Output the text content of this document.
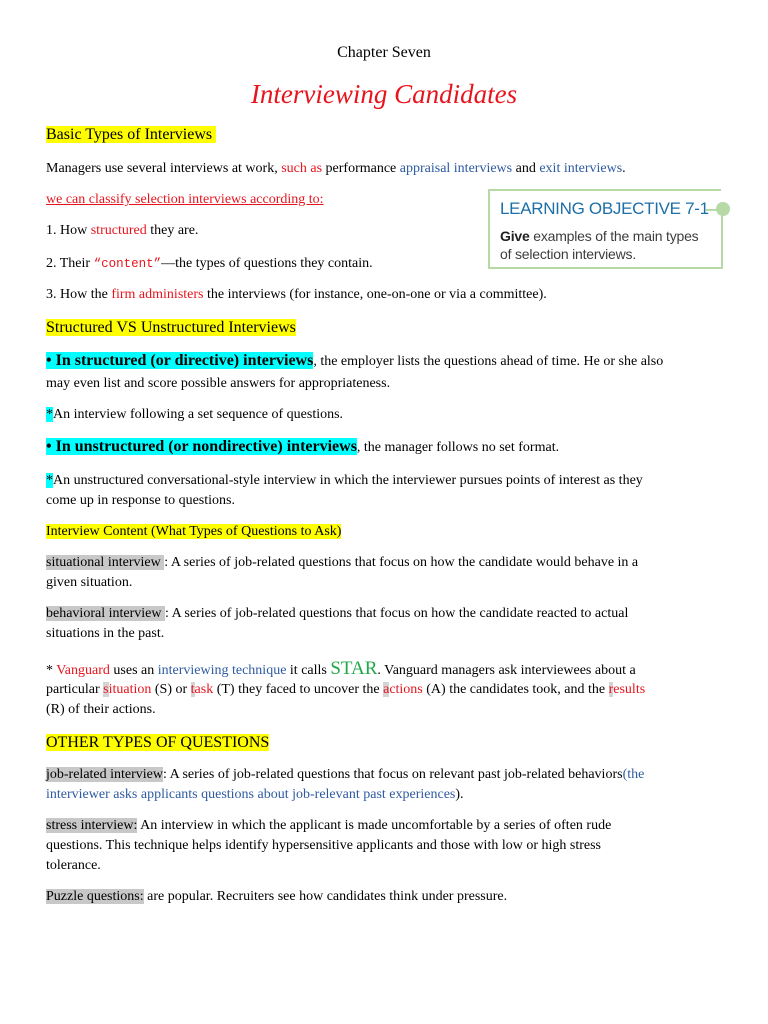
Chapter Seven
Interviewing Candidates
Basic Types of Interviews
Managers use several interviews at work, such as performance appraisal interviews and exit interviews.
we can classify selection interviews according to:
1. How structured they are.
2. Their “content”—the types of questions they contain.
3. How the firm administers the interviews (for instance, one-on-one or via a committee).
LEARNING OBJECTIVE 7-1
Give examples of the main types of selection interviews.
Structured VS Unstructured Interviews
• In structured (or directive) interviews, the employer lists the questions ahead of time. He or she also
may even list and score possible answers for appropriateness.
*An interview following a set sequence of questions.
• In unstructured (or nondirective) interviews, the manager follows no set format.
*An unstructured conversational-style interview in which the interviewer pursues points of interest as they
come up in response to questions.
Interview Content (What Types of Questions to Ask)
situational interview : A series of job-related questions that focus on how the candidate would behave in a
given situation.
behavioral interview : A series of job-related questions that focus on how the candidate reacted to actual
situations in the past.
* Vanguard uses an interviewing technique it calls STAR. Vanguard managers ask interviewees about a
particular situation (S) or task (T) they faced to uncover the actions (A) the candidates took, and the results
(R) of their actions.
OTHER TYPES OF QUESTIONS
job-related interview: A series of job-related questions that focus on relevant past job-related behaviors(the
interviewer asks applicants questions about job-relevant past experiences).
stress interview: An interview in which the applicant is made uncomfortable by a series of often rude
questions. This technique helps identify hypersensitive applicants and those with low or high stress
tolerance.
Puzzle questions: are popular. Recruiters see how candidates think under pressure.
